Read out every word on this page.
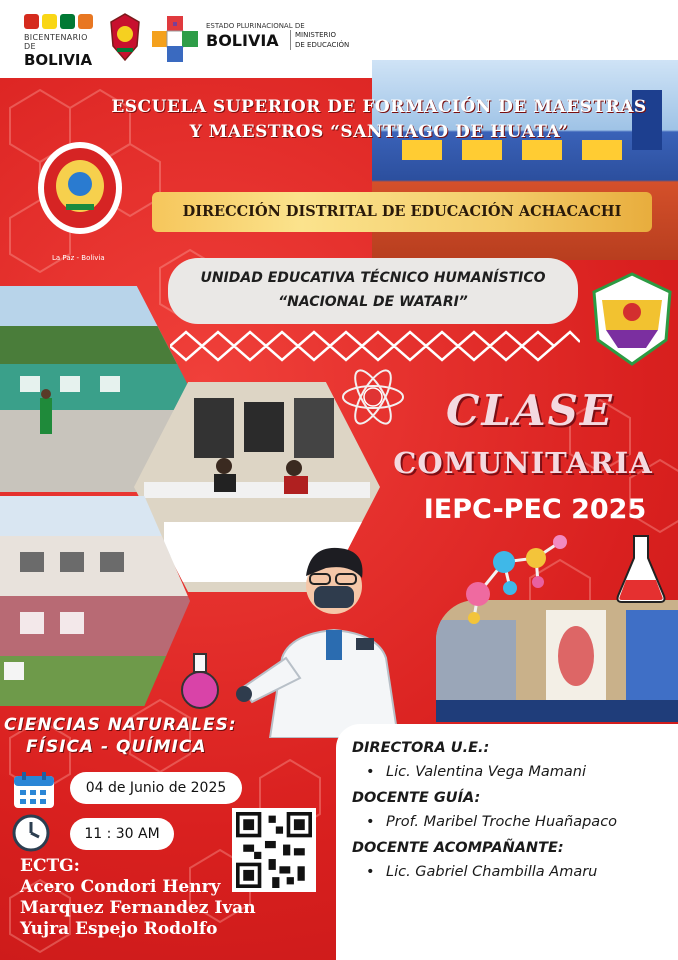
BICENTENARIO DE
BOLIVIA
ESTADO PLURINACIONAL DE
BOLIVIA	MINISTERIO
DE EDUCACIÓN
ESCUELA SUPERIOR DE FORMACIÓN DE MAESTRAS
Y MAESTROS “SANTIAGO DE HUATA”
La Paz - Bolivia
DIRECCIÓN DISTRITAL DE EDUCACIÓN ACHACACHI
UNIDAD EDUCATIVA TÉCNICO HUMANÍSTICO
“NACIONAL DE WATARI”
CLASE
COMUNITARIA
IEPC-PEC 2025
CIENCIAS NATURALES:
FÍSICA - QUÍMICA
04 de Junio de 2025
11 : 30 AM
ECTG:
Acero Condori Henry
Marquez Fernandez Ivan
Yujra Espejo Rodolfo
DIRECTORA U.E.:
• Lic. Valentina Vega Mamani
DOCENTE GUÍA:
• Prof. Maribel Troche Huañapaco
DOCENTE ACOMPAÑANTE:
• Lic. Gabriel Chambilla Amaru
